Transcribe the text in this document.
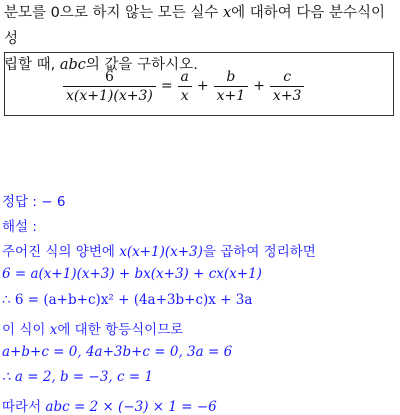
분모를 0으로 하지 않는 모든 실수 x에 대하여 다음 분수식이 성
립할 때, abc의 값을 구하시오.
$\frac{6}{x(x+1)(x+3)} = \frac{a}{x} + \frac{b}{x+1} + \frac{c}{x+3}$
정답 : − 6
해설 :
주어진 식의 양변에 x(x+1)(x+3)을 곱하여 정리하면
6 = a(x+1)(x+3) + bx(x+3) + cx(x+1)
∴ 6 = (a+b+c)x² + (4a+3b+c)x + 3a
이 식이 x에 대한 항등식이므로
a+b+c = 0, 4a+3b+c = 0, 3a = 6
∴ a = 2, b = −3, c = 1
따라서 abc = 2 × (−3) × 1 = −6
